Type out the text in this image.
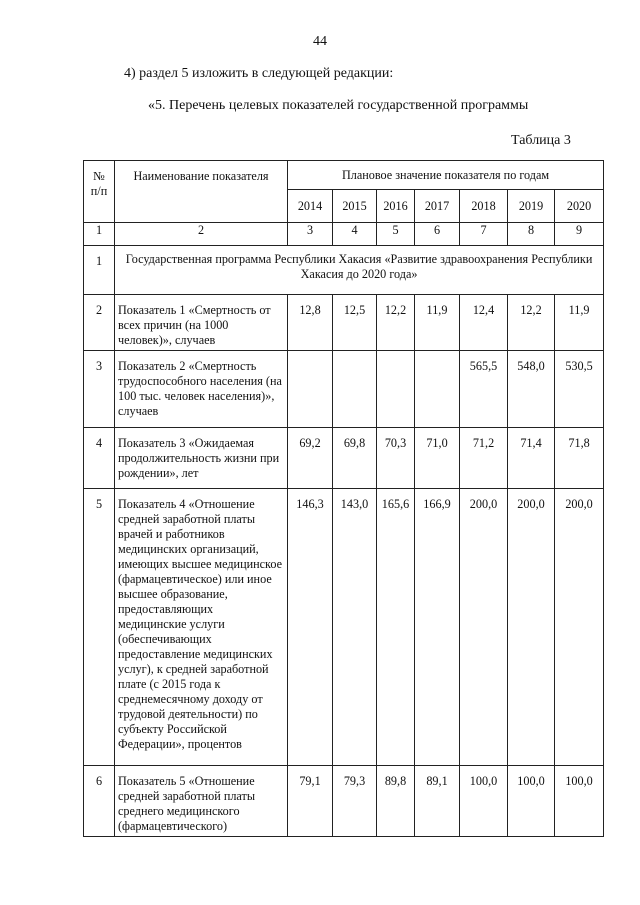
44
4) раздел 5 изложить в следующей редакции:
«5. Перечень целевых показателей государственной программы
Таблица 3
№ п/п	Наименование показателя	Плановое значение показателя по годам						
		2014	2015	2016	2017	2018	2019	2020
1	2	3	4	5	6	7	8	9
1	Государственная программа Республики Хакасия «Развитие здравоохранения Республики Хакасия до 2020 года»							
2	Показатель 1 «Смертность от всех причин (на 1000 человек)», случаев	12,8	12,5	12,2	11,9	12,4	12,2	11,9
3	Показатель 2 «Смертность трудоспособного населения (на 100 тыс. человек населения)», случаев					565,5	548,0	530,5
4	Показатель 3 «Ожидаемая продолжительность жизни при рождении», лет	69,2	69,8	70,3	71,0	71,2	71,4	71,8
5	Показатель 4 «Отношение средней заработной платы врачей и работников медицинских организаций, имеющих высшее медицинское (фармацевтическое) или иное высшее образование, предоставляющих медицинские услуги (обеспечивающих предоставление медицинских услуг), к средней заработной плате (с 2015 года к среднемесячному доходу от трудовой деятельности) по субъекту Российской Федерации», процентов	146,3	143,0	165,6	166,9	200,0	200,0	200,0
6	Показатель 5 «Отношение средней заработной платы среднего медицинского (фармацевтического)	79,1	79,3	89,8	89,1	100,0	100,0	100,0
